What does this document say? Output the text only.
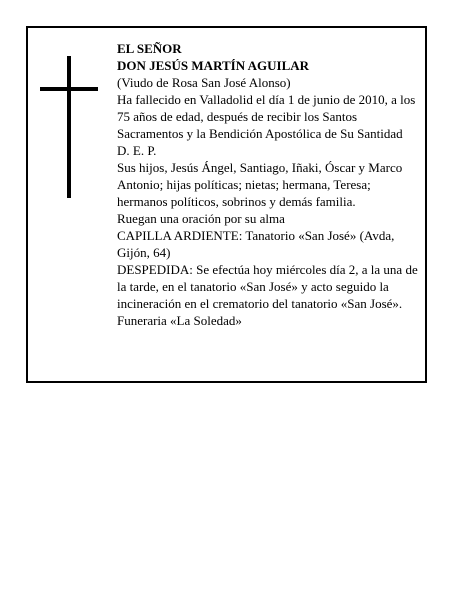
EL SEÑOR

DON JESÚS MARTÍN AGUILAR

(Viudo de Rosa San José Alonso)

Ha fallecido en Valladolid el día 1 de junio de 2010, a los 75 años de edad, después de recibir los Santos Sacramentos y la Bendición Apostólica de Su Santidad

D. E. P.

Sus hijos, Jesús Ángel, Santiago, Iñaki, Óscar y Marco Antonio; hijas políticas; nietas; hermana, Teresa; hermanos políticos, sobrinos y demás familia.

Ruegan una oración por su alma

CAPILLA ARDIENTE: Tanatorio «San José» (Avda, Gijón, 64)

DESPEDIDA: Se efectúa hoy miércoles día 2, a la una de la tarde, en el tanatorio «San José» y acto seguido la incineración en el crematorio del tanatorio «San José».

Funeraria «La Soledad»
